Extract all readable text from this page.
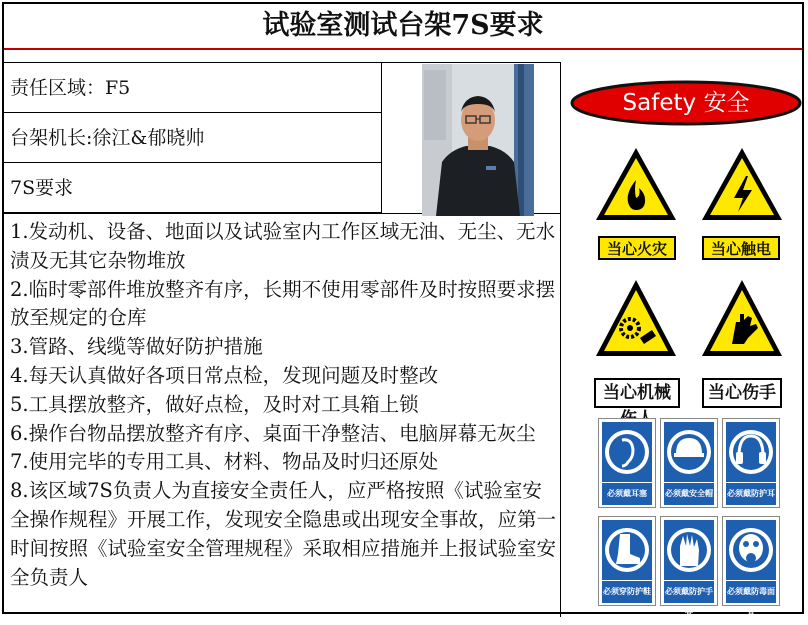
试验室测试台架7S要求
责任区域：F5
台架机长:徐江&郁晓帅
7S要求
1.发动机、设备、地面以及试验室内工作区域无油、无尘、无水渍及无其它杂物堆放
2.临时零部件堆放整齐有序，长期不使用零部件及时按照要求摆放至规定的仓库
3.管路、线缆等做好防护措施
4.每天认真做好各项日常点检，发现问题及时整改
5.工具摆放整齐，做好点检，及时对工具箱上锁
6.操作台物品摆放整齐有序、桌面干净整洁、电脑屏幕无灰尘
7.使用完毕的专用工具、材料、物品及时归还原处
8.该区域7S负责人为直接安全责任人，应严格按照《试验室安全操作规程》开展工作，发现安全隐患或出现安全事故，应第一时间按照《试验室安全管理规程》采取相应措施并上报试验室安全负责人
Safety 安全
当心火灾	当心触电
当心机械	当心伤手
必须戴耳塞	必须戴安全帽 必须戴防护耳
必须穿防护鞋 必须戴防护手套
必须戴防毒面具
